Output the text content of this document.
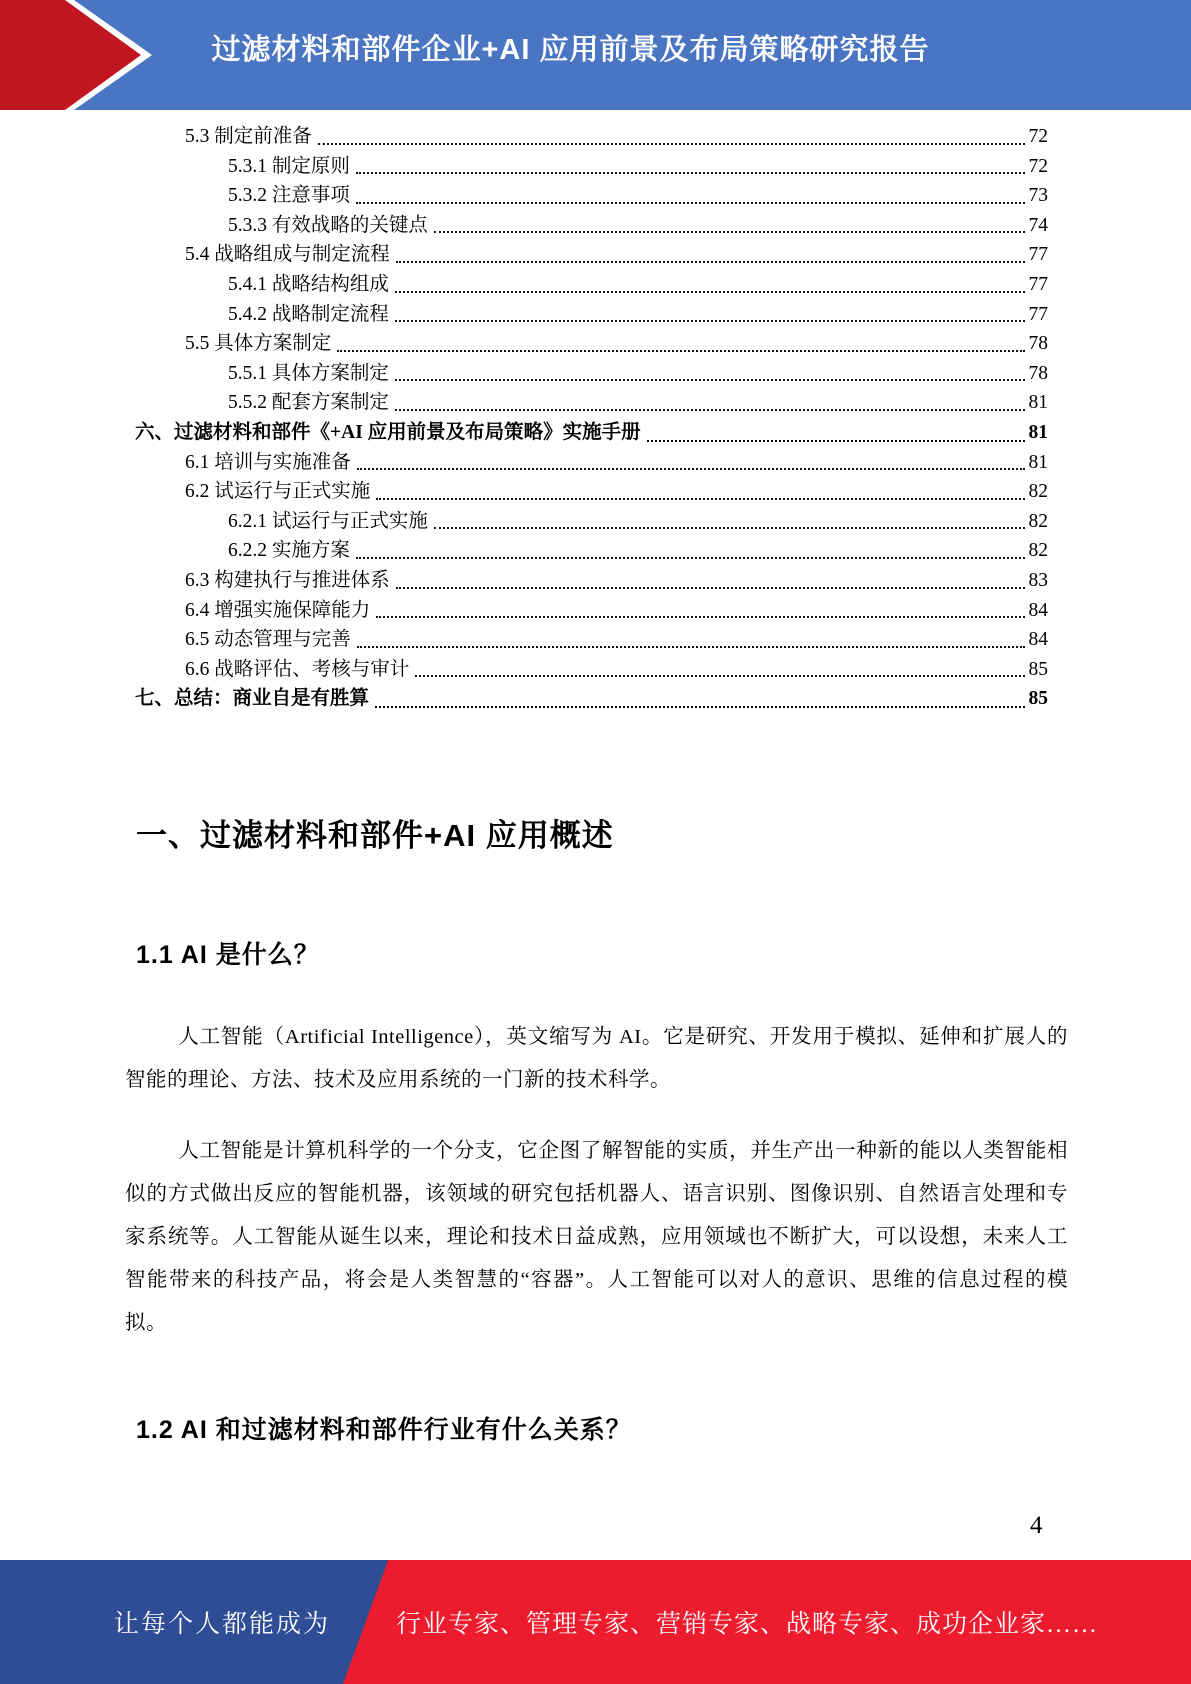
过滤材料和部件企业+AI 应用前景及布局策略研究报告
5.3 制定前准备	72
5.3.1 制定原则	72
5.3.2 注意事项	73
5.3.3 有效战略的关键点	74
5.4 战略组成与制定流程	77
5.4.1 战略结构组成	77
5.4.2 战略制定流程	77
5.5 具体方案制定	78
5.5.1 具体方案制定	78
5.5.2 配套方案制定	81
六、过滤材料和部件《+AI 应用前景及布局策略》实施手册	81
6.1 培训与实施准备	81
6.2 试运行与正式实施	82
6.2.1 试运行与正式实施	82
6.2.2 实施方案	82
6.3 构建执行与推进体系	83
6.4 增强实施保障能力	84
6.5 动态管理与完善	84
6.6 战略评估、考核与审计	85
七、总结：商业自是有胜算	85
一、过滤材料和部件+AI 应用概述
1.1 AI 是什么？
人工智能（Artificial Intelligence），英文缩写为 AI。它是研究、开发用于模拟、延伸和扩展人的智能的理论、方法、技术及应用系统的一门新的技术科学。
人工智能是计算机科学的一个分支，它企图了解智能的实质，并生产出一种新的能以人类智能相似的方式做出反应的智能机器，该领域的研究包括机器人、语言识别、图像识别、自然语言处理和专家系统等。人工智能从诞生以来，理论和技术日益成熟，应用领域也不断扩大，可以设想，未来人工智能带来的科技产品，将会是人类智慧的“容器”。人工智能可以对人的意识、思维的信息过程的模拟。
1.2 AI 和过滤材料和部件行业有什么关系？
4
让每个人都能成为	行业专家、管理专家、营销专家、战略专家、成功企业家……
